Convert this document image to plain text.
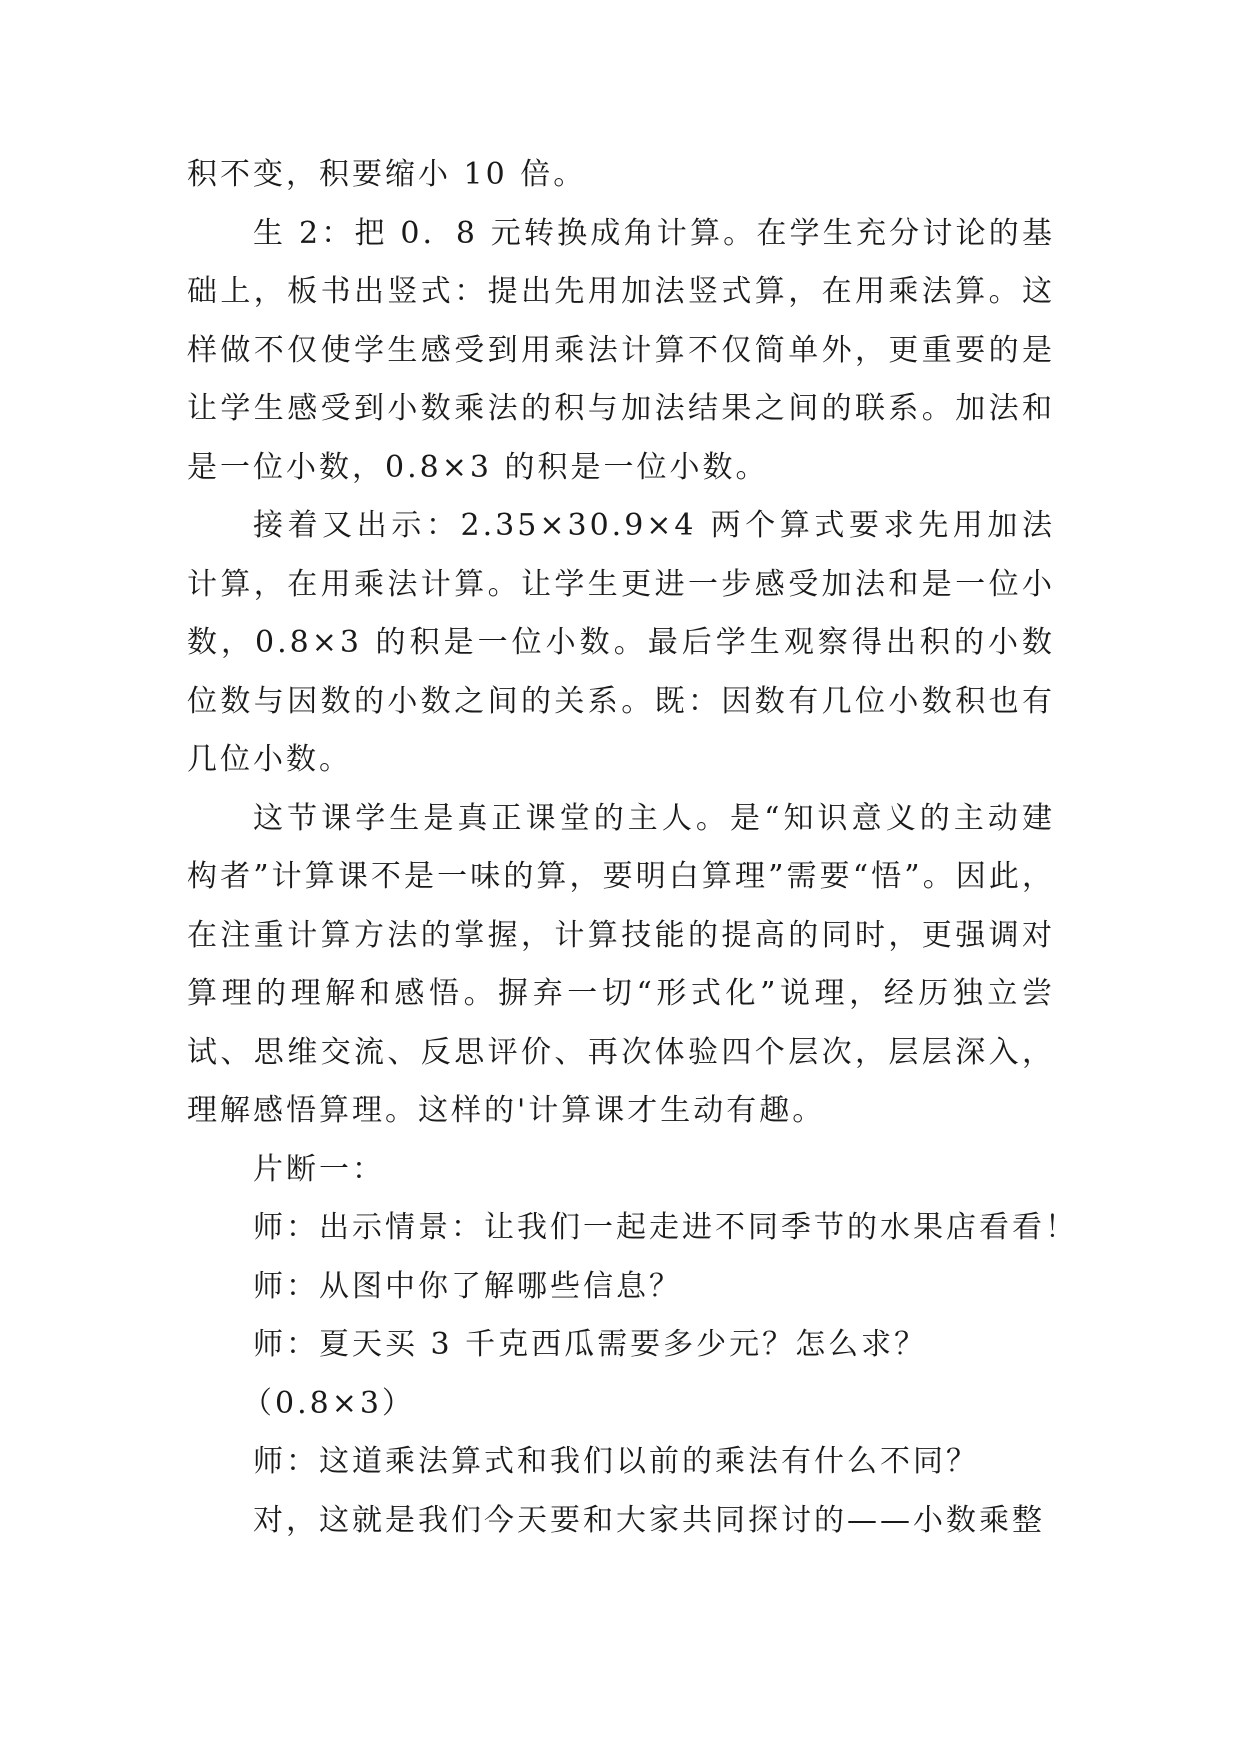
积不变，积要缩小 10 倍。

生 2：把 0．8 元转换成角计算。在学生充分讨论的基础上，板书出竖式：提出先用加法竖式算，在用乘法算。这样做不仅使学生感受到用乘法计算不仅简单外，更重要的是让学生感受到小数乘法的积与加法结果之间的联系。加法和是一位小数，0.8×3 的积是一位小数。

接着又出示：2.35×30.9×4 两个算式要求先用加法计算，在用乘法计算。让学生更进一步感受加法和是一位小数，0.8×3 的积是一位小数。最后学生观察得出积的小数位数与因数的小数之间的关系。既：因数有几位小数积也有几位小数。

这节课学生是真正课堂的主人。是“知识意义的主动建构者”计算课不是一味的算，要明白算理”需要“悟”。因此，在注重计算方法的掌握，计算技能的提高的同时，更强调对算理的理解和感悟。摒弃一切“形式化”说理，经历独立尝试、思维交流、反思评价、再次体验四个层次，层层深入，理解感悟算理。这样的'计算课才生动有趣。

片断一：

师：出示情景：让我们一起走进不同季节的水果店看看！

师：从图中你了解哪些信息？

师：夏天买 3 千克西瓜需要多少元？怎么求？

（0.8×3）

师：这道乘法算式和我们以前的乘法有什么不同？

对，这就是我们今天要和大家共同探讨的——小数乘整
